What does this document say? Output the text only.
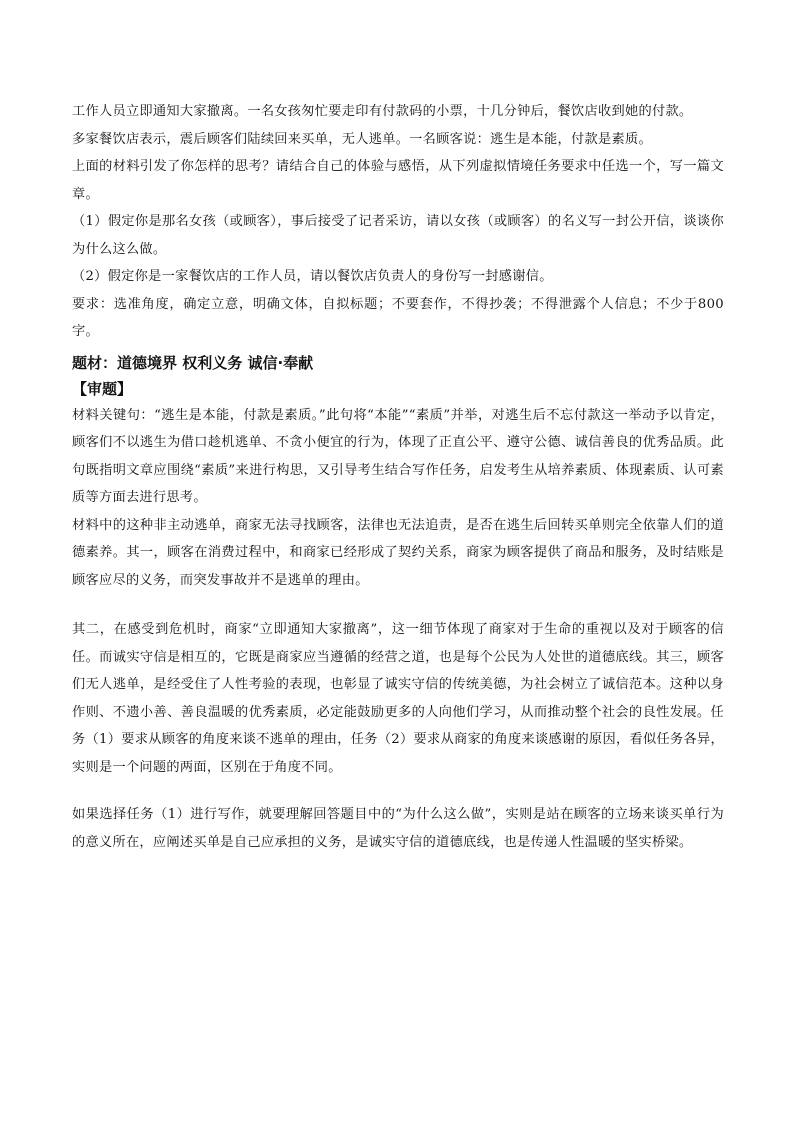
工作人员立即通知大家撤离。一名女孩匆忙要走印有付款码的小票，十几分钟后，餐饮店收到她的付款。

多家餐饮店表示，震后顾客们陆续回来买单，无人逃单。一名顾客说：逃生是本能，付款是素质。

上面的材料引发了你怎样的思考？请结合自己的体验与感悟，从下列虚拟情境任务要求中任选一个，写一篇文章。

（1）假定你是那名女孩（或顾客），事后接受了记者采访，请以女孩（或顾客）的名义写一封公开信，谈谈你为什么这么做。

（2）假定你是一家餐饮店的工作人员，请以餐饮店负责人的身份写一封感谢信。

要求：选准角度，确定立意，明确文体，自拟标题；不要套作，不得抄袭；不得泄露个人信息；不少于800字。

题材：道德境界 权利义务 诚信·奉献

【审题】

材料关键句：“逃生是本能，付款是素质。”此句将“本能”“素质”并举，对逃生后不忘付款这一举动予以肯定，顾客们不以逃生为借口趁机逃单、不贪小便宜的行为，体现了正直公平、遵守公德、诚信善良的优秀品质。此句既指明文章应围绕“素质”来进行构思，又引导考生结合写作任务，启发考生从培养素质、体现素质、认可素质等方面去进行思考。

材料中的这种非主动逃单，商家无法寻找顾客，法律也无法追责，是否在逃生后回转买单则完全依靠人们的道德素养。其一，顾客在消费过程中，和商家已经形成了契约关系，商家为顾客提供了商品和服务，及时结账是顾客应尽的义务，而突发事故并不是逃单的理由。

其二，在感受到危机时，商家“立即通知大家撤离”，这一细节体现了商家对于生命的重视以及对于顾客的信任。而诚实守信是相互的，它既是商家应当遵循的经营之道，也是每个公民为人处世的道德底线。其三，顾客们无人逃单，是经受住了人性考验的表现，也彰显了诚实守信的传统美德，为社会树立了诚信范本。这种以身作则、不遗小善、善良温暖的优秀素质，必定能鼓励更多的人向他们学习，从而推动整个社会的良性发展。任务（1）要求从顾客的角度来谈不逃单的理由，任务（2）要求从商家的角度来谈感谢的原因，看似任务各异，实则是一个问题的两面，区别在于角度不同。

如果选择任务（1）进行写作，就要理解回答题目中的“为什么这么做”，实则是站在顾客的立场来谈买单行为的意义所在，应阐述买单是自己应承担的义务，是诚实守信的道德底线，也是传递人性温暖的坚实桥梁。
